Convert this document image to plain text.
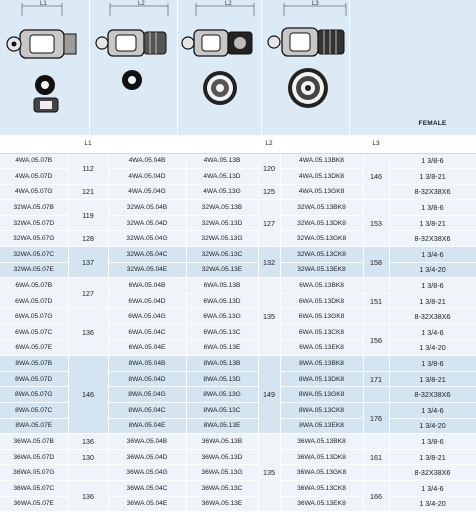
L1	L2	L2	L3
FEMALE
	L1			L2		L3	
4WA.05.07B	112	4WA.05.04B	4WA.05.13B	120	4WA.05.13BK8	146	1 3/8-6
4WA.05.07D		4WA.05.04D	4WA.05.13D		4WA.05.13DK8		1 3/8-21
4WA.05.07G	121	4WA.05.04G	4WA.05.13G	125	4WA.05.13GK8		8-32X38X6
32WA.05.07B	119	32WA.05.04B	32WA.05.13B	127	32WA.05.13BK8	153	1 3/8-6
32WA.05.07D		32WA.05.04D	32WA.05.13D		32WA.05.13DK8		1 3/8-21
32WA.05.07G	128	32WA.05.04G	32WA.05.13G		32WA.05.13GK8		8-32X38X6
32WA.05.07C	137	32WA.05.04C	32WA.05.13C	132	32WA.05.13CK8	158	1 3/4-6
32WA.05.07E		32WA.05.04E	32WA.05.13E		32WA.05.13EK8		1 3/4-20
6WA.05.07B	127	6WA.05.04B	6WA.05.13B	135	6WA.05.13BK8		1 3/8-6
6WA.05.07D		6WA.05.04D	6WA.05.13D		6WA.05.13DK8	151	1 3/8-21
6WA.05.07G	136	6WA.05.04G	6WA.05.13G		6WA.05.13GK8		8-32X38X6
6WA.05.07C		6WA.05.04C	6WA.05.13C		6WA.05.13CK8	156	1 3/4-6
6WA.05.07E		6WA.05.04E	6WA.05.13E		6WA.05.13EK8		1 3/4-20
8WA.05.07B	146	8WA.05.04B	8WA.05.13B	149	8WA.05.13BK8		1 3/8-6
8WA.05.07D		8WA.05.04D	8WA.05.13D		8WA.05.13DK8	171	1 3/8-21
8WA.05.07G		8WA.05.04G	8WA.05.13G		8WA.05.13GK8		8-32X38X6
8WA.05.07C		8WA.05.04C	8WA.05.13C		8WA.05.13CK8	176	1 3/4-6
8WA.05.07E		8WA.05.04E	8WA.05.13E		8WA.05.13EK8		1 3/4-20
36WA.05.07B	136	36WA.05.04B	36WA.05.13B	135	36WA.05.13BK8		1 3/8-6
36WA.05.07D	130	36WA.05.04D	36WA.05.13D		36WA.05.13DK8	161	1 3/8-21
36WA.05.07G		36WA.05.04G	36WA.05.13G		36WA.05.13GK8		8-32X38X6
36WA.05.07C	136	36WA.05.04C	36WA.05.13C		36WA.05.13CK8	166	1 3/4-6
36WA.05.07E		36WA.05.04E	36WA.05.13E		36WA.05.13EK8		1 3/4-20
